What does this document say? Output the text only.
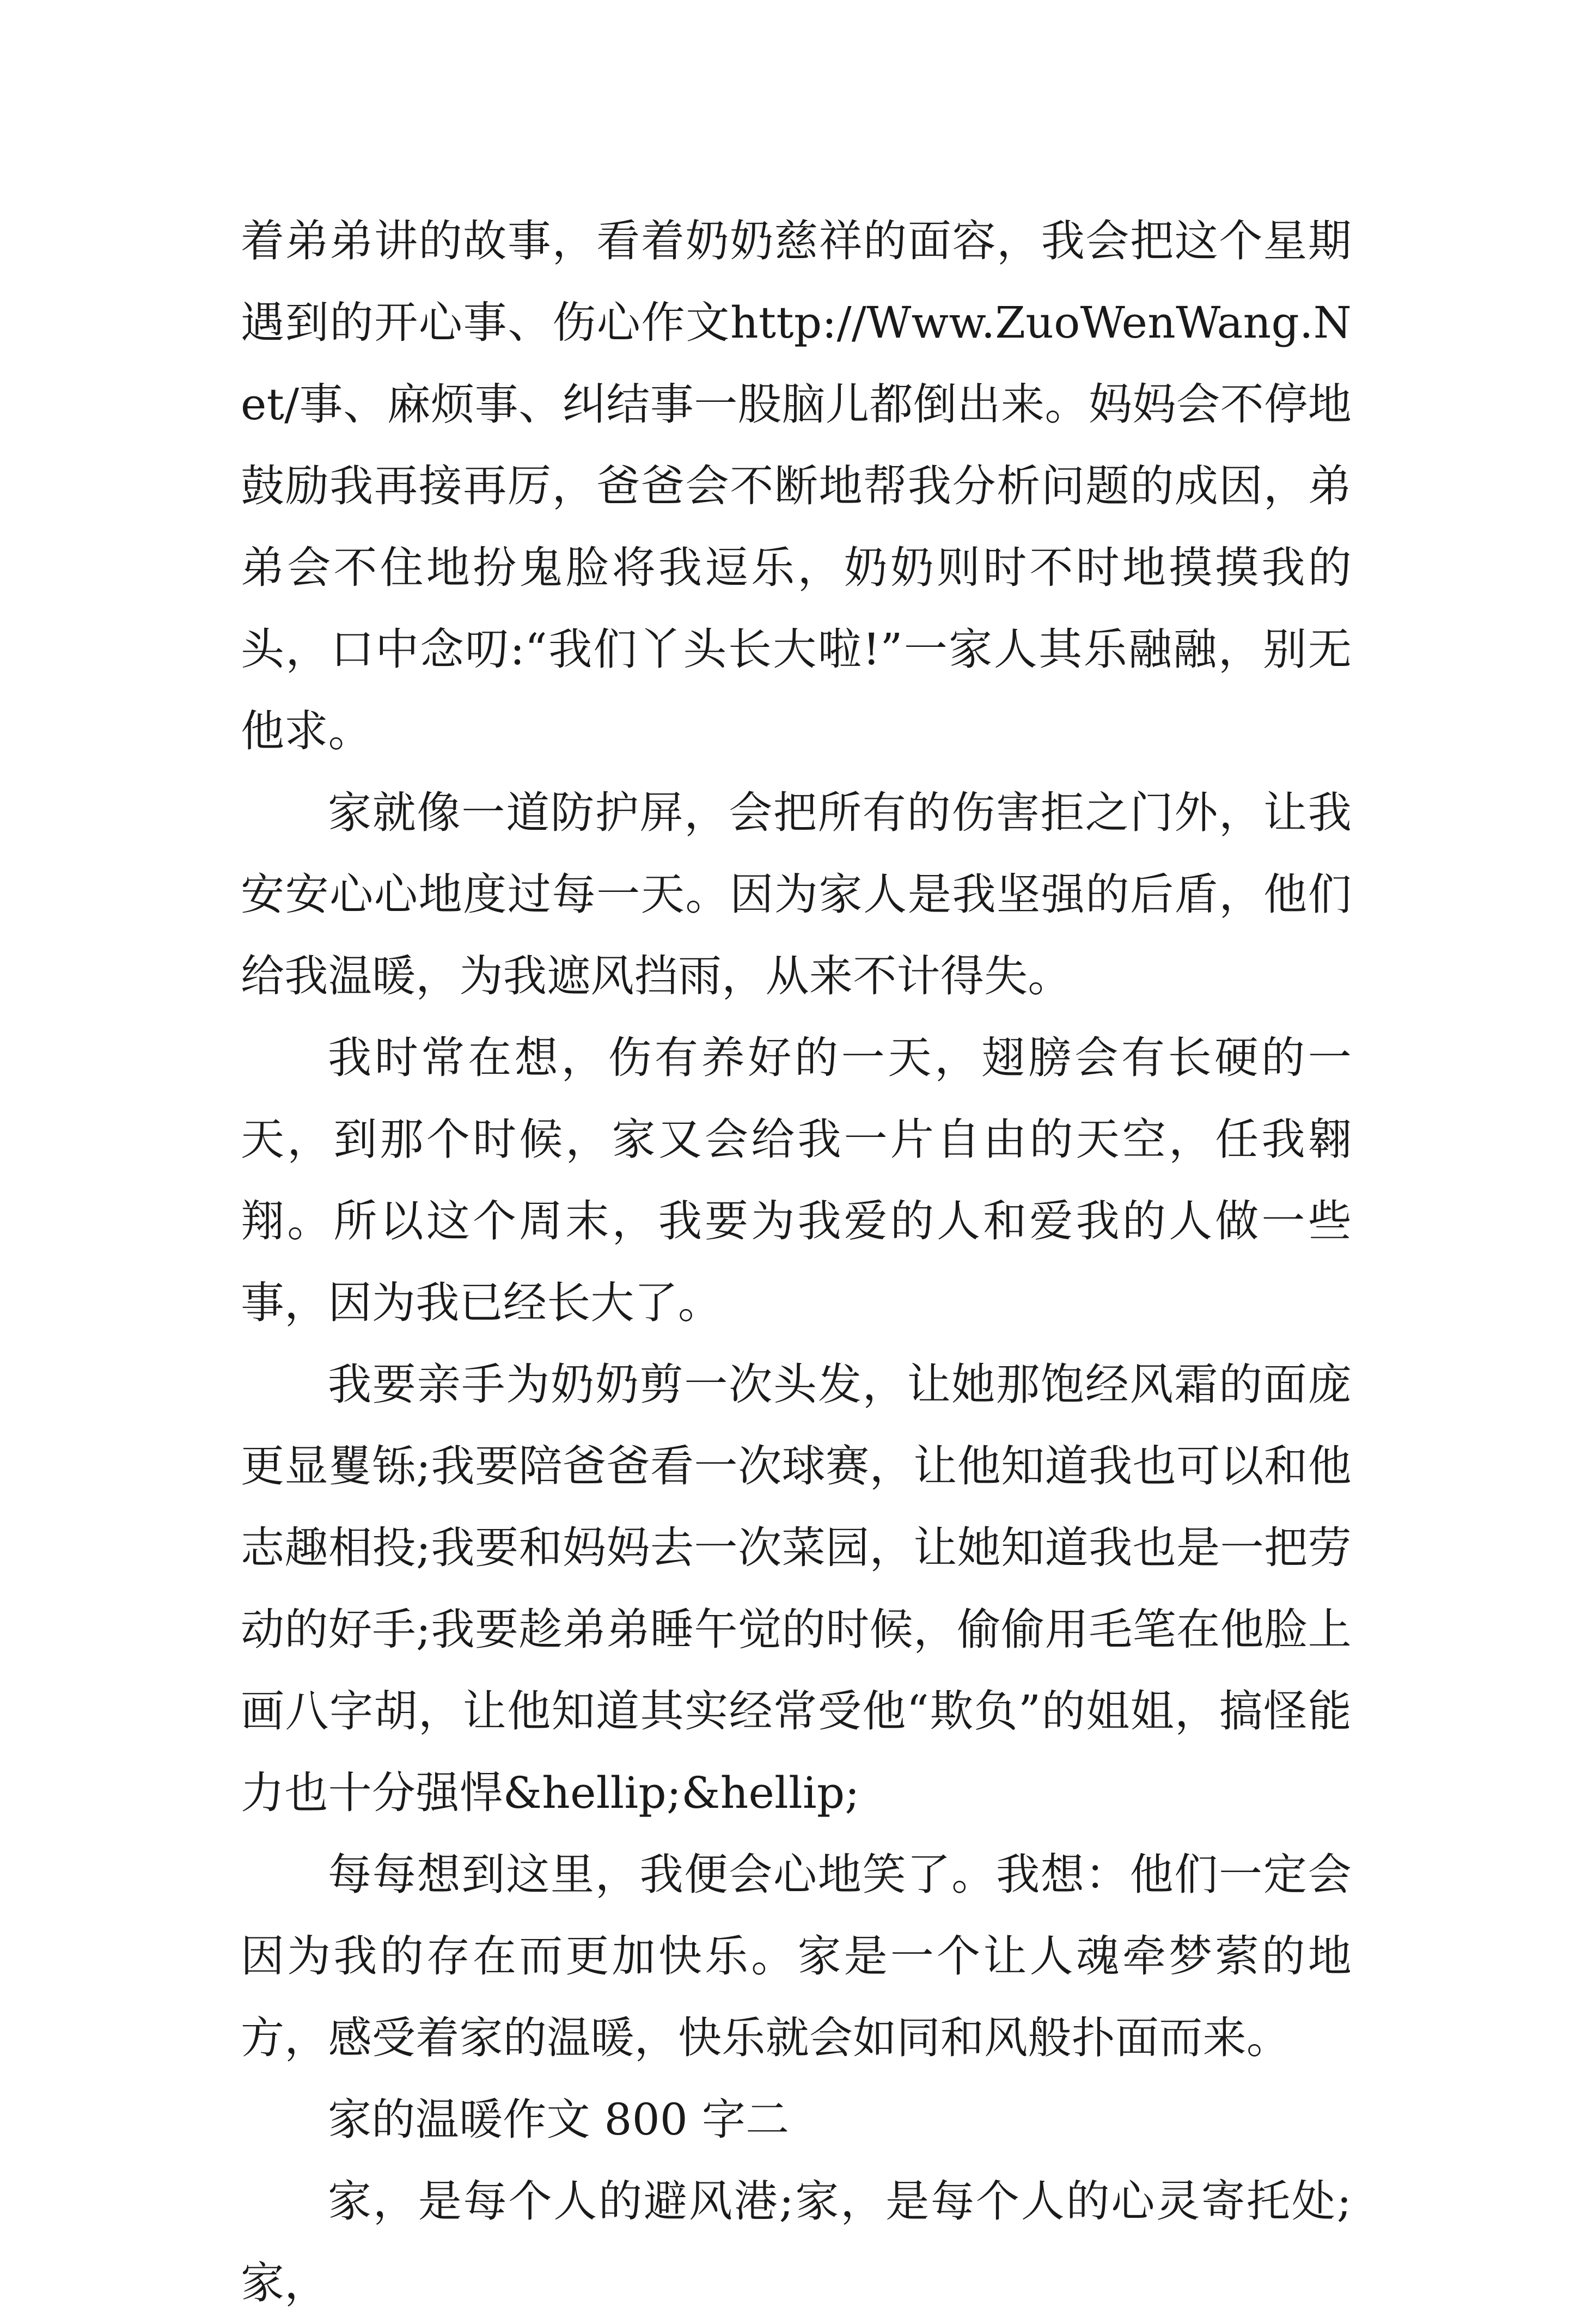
着弟弟讲的故事，看着奶奶慈祥的面容，我会把这个星期遇到的开心事、伤心作文http://Www.ZuoWenWang.Net/事、麻烦事、纠结事一股脑儿都倒出来。妈妈会不停地鼓励我再接再厉，爸爸会不断地帮我分析问题的成因，弟弟会不住地扮鬼脸将我逗乐，奶奶则时不时地摸摸我的头，口中念叨:“我们丫头长大啦!”一家人其乐融融，别无他求。

家就像一道防护屏，会把所有的伤害拒之门外，让我安安心心地度过每一天。因为家人是我坚强的后盾，他们给我温暖，为我遮风挡雨，从来不计得失。

我时常在想，伤有养好的一天，翅膀会有长硬的一天，到那个时候，家又会给我一片自由的天空，任我翱翔。所以这个周末，我要为我爱的人和爱我的人做一些事，因为我已经长大了。

我要亲手为奶奶剪一次头发，让她那饱经风霜的面庞更显矍铄;我要陪爸爸看一次球赛，让他知道我也可以和他志趣相投;我要和妈妈去一次菜园，让她知道我也是一把劳动的好手;我要趁弟弟睡午觉的时候，偷偷用毛笔在他脸上画八字胡，让他知道其实经常受他“欺负”的姐姐，搞怪能力也十分强悍&hellip;&hellip;

每每想到这里，我便会心地笑了。我想：他们一定会因为我的存在而更加快乐。家是一个让人魂牵梦萦的地方，感受着家的温暖，快乐就会如同和风般扑面而来。

家的温暖作文 800 字二

家，是每个人的避风港;家，是每个人的心灵寄托处;家，
